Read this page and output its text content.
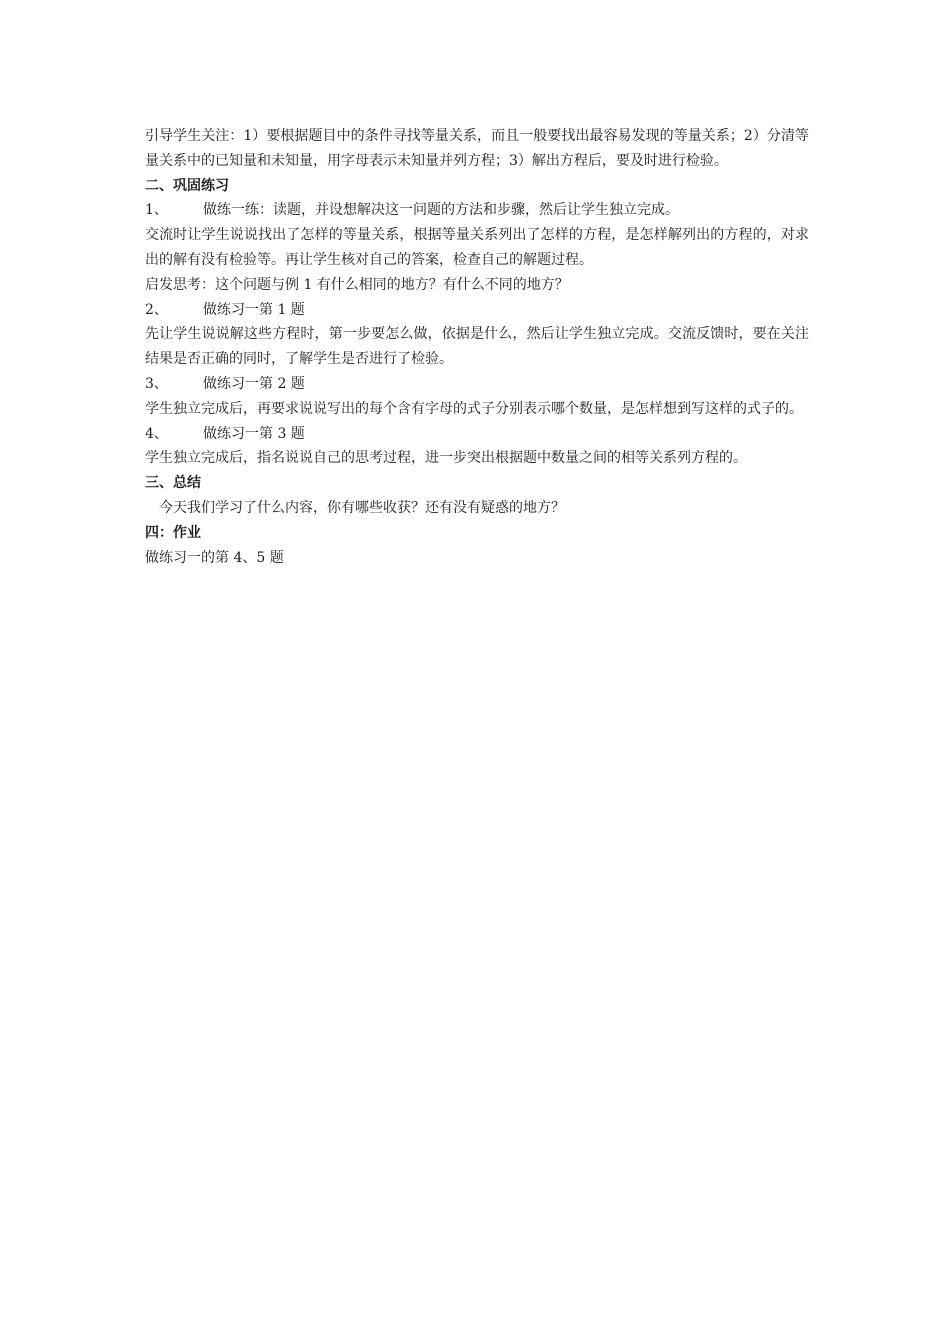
引导学生关注：1）要根据题目中的条件寻找等量关系，而且一般要找出最容易发现的等量关系；2）分清等量关系中的已知量和未知量，用字母表示未知量并列方程；3）解出方程后，要及时进行检验。

二、巩固练习

1、	做练一练：读题，并设想解决这一问题的方法和步骤，然后让学生独立完成。

交流时让学生说说找出了怎样的等量关系，根据等量关系列出了怎样的方程，是怎样解列出的方程的，对求出的解有没有检验等。再让学生核对自己的答案，检查自己的解题过程。

启发思考：这个问题与例 1 有什么相同的地方？有什么不同的地方？

2、	做练习一第 1 题

先让学生说说解这些方程时，第一步要怎么做，依据是什么，然后让学生独立完成。交流反馈时，要在关注结果是否正确的同时，了解学生是否进行了检验。

3、	做练习一第 2 题

学生独立完成后，再要求说说写出的每个含有字母的式子分别表示哪个数量，是怎样想到写这样的式子的。

4、	做练习一第 3 题

学生独立完成后，指名说说自己的思考过程，进一步突出根据题中数量之间的相等关系列方程的。

三、总结

今天我们学习了什么内容，你有哪些收获？还有没有疑惑的地方？

四：作业

做练习一的第 4、5 题
